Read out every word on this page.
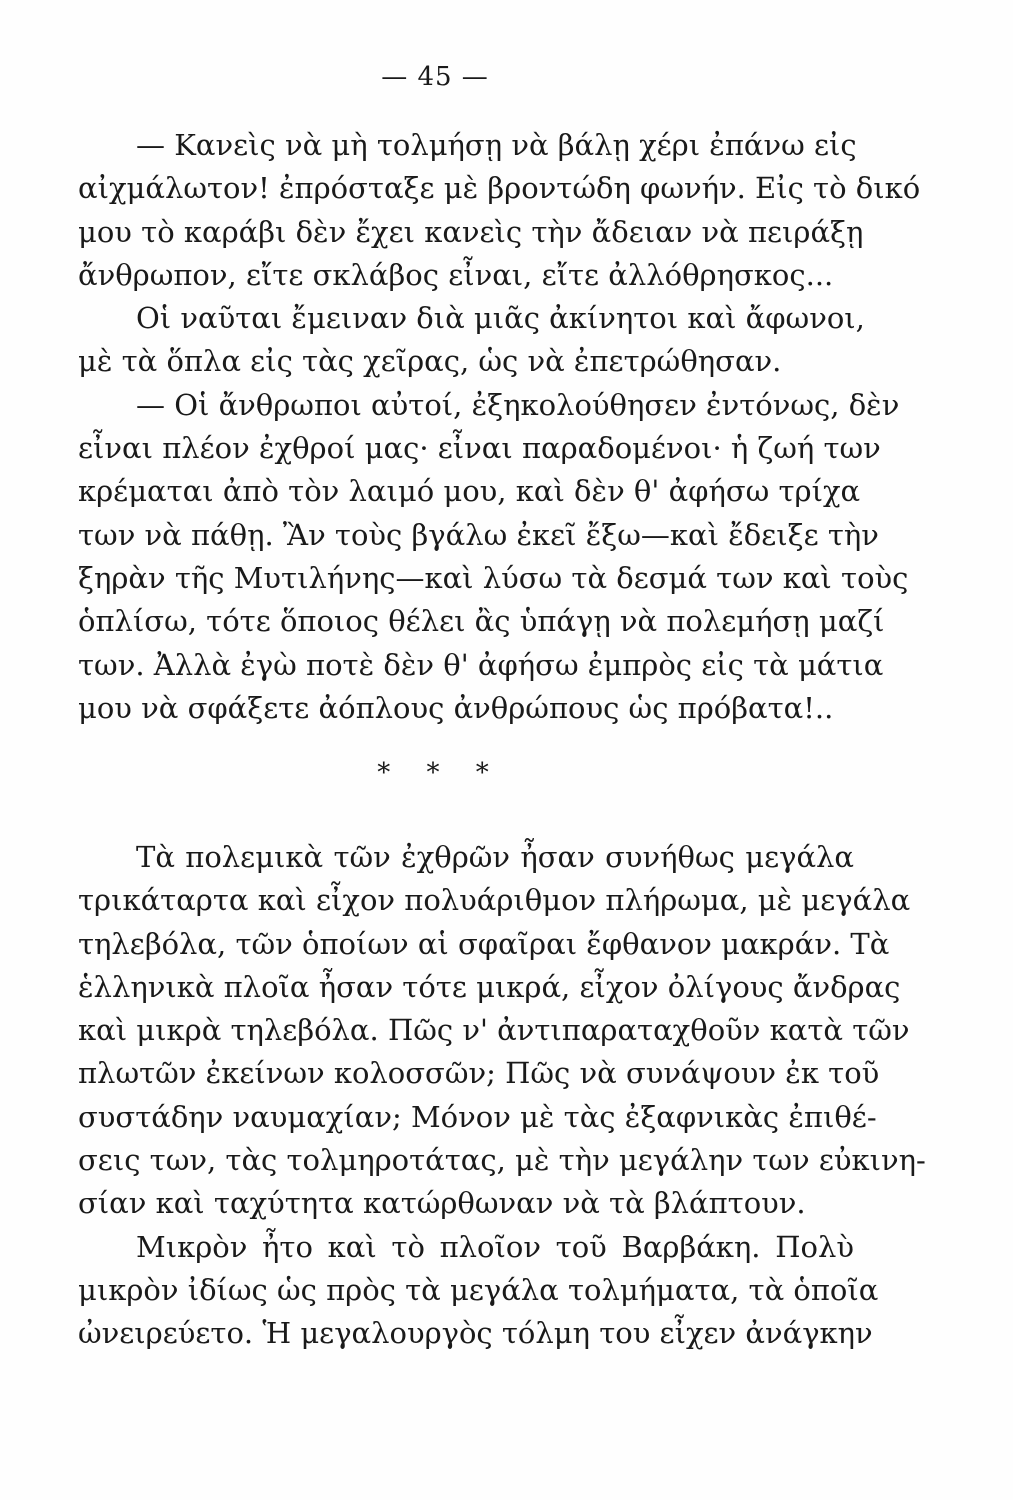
— 45 —
— Κανεὶς νὰ μὴ τολμήσῃ νὰ βάλῃ χέρι ἐπάνω εἰς
αἰχμάλωτον! ἐπρόσταξε μὲ βροντώδη φωνήν. Εἰς τὸ δικό
μου τὸ καράβι δὲν ἔχει κανεὶς τὴν ἄδειαν νὰ πειράξῃ
ἄνθρωπον, εἴτε σκλάβος εἶναι, εἴτε ἀλλόθρησκος...
Οἱ ναῦται ἔμειναν διὰ μιᾶς ἀκίνητοι καὶ ἄφωνοι,
μὲ τὰ ὅπλα εἰς τὰς χεῖρας, ὡς νὰ ἐπετρώθησαν.
— Οἱ ἄνθρωποι αὐτοί, ἐξηκολούθησεν ἐντόνως, δὲν
εἶναι πλέον ἐχθροί μας· εἶναι παραδομένοι· ἡ ζωή των
κρέμαται ἀπὸ τὸν λαιμό μου, καὶ δὲν θ' ἀφήσω τρίχα
των νὰ πάθῃ. Ἂν τοὺς βγάλω ἐκεῖ ἔξω—καὶ ἔδειξε τὴν
ξηρὰν τῆς Μυτιλήνης—καὶ λύσω τὰ δεσμά των καὶ τοὺς
ὁπλίσω, τότε ὅποιος θέλει ἂς ὑπάγῃ νὰ πολεμήσῃ μαζί
των. Ἀλλὰ ἐγὼ ποτὲ δὲν θ' ἀφήσω ἐμπρὸς εἰς τὰ μάτια
μου νὰ σφάξετε ἀόπλους ἀνθρώπους ὡς πρόβατα!..
* * *
Τὰ πολεμικὰ τῶν ἐχθρῶν ἦσαν συνήθως μεγάλα
τρικάταρτα καὶ εἶχον πολυάριθμον πλήρωμα, μὲ μεγάλα
τηλεβόλα, τῶν ὁποίων αἱ σφαῖραι ἔφθανον μακράν. Τὰ
ἑλληνικὰ πλοῖα ἦσαν τότε μικρά, εἶχον ὀλίγους ἄνδρας
καὶ μικρὰ τηλεβόλα. Πῶς ν' ἀντιπαραταχθοῦν κατὰ τῶν
πλωτῶν ἐκείνων κολοσσῶν; Πῶς νὰ συνάψουν ἐκ τοῦ
συστάδην ναυμαχίαν; Μόνον μὲ τὰς ἐξαφνικὰς ἐπιθέ-
σεις των, τὰς τολμηροτάτας, μὲ τὴν μεγάλην των εὐκινη-
σίαν καὶ ταχύτητα κατώρθωναν νὰ τὰ βλάπτουν.
Μικρὸν ἦτο καὶ τὸ πλοῖον τοῦ Βαρβάκη. Πολὺ
μικρὸν ἰδίως ὡς πρὸς τὰ μεγάλα τολμήματα, τὰ ὁποῖα
ὠνειρεύετο. Ἡ μεγαλουργὸς τόλμη του εἶχεν ἀνάγκην
